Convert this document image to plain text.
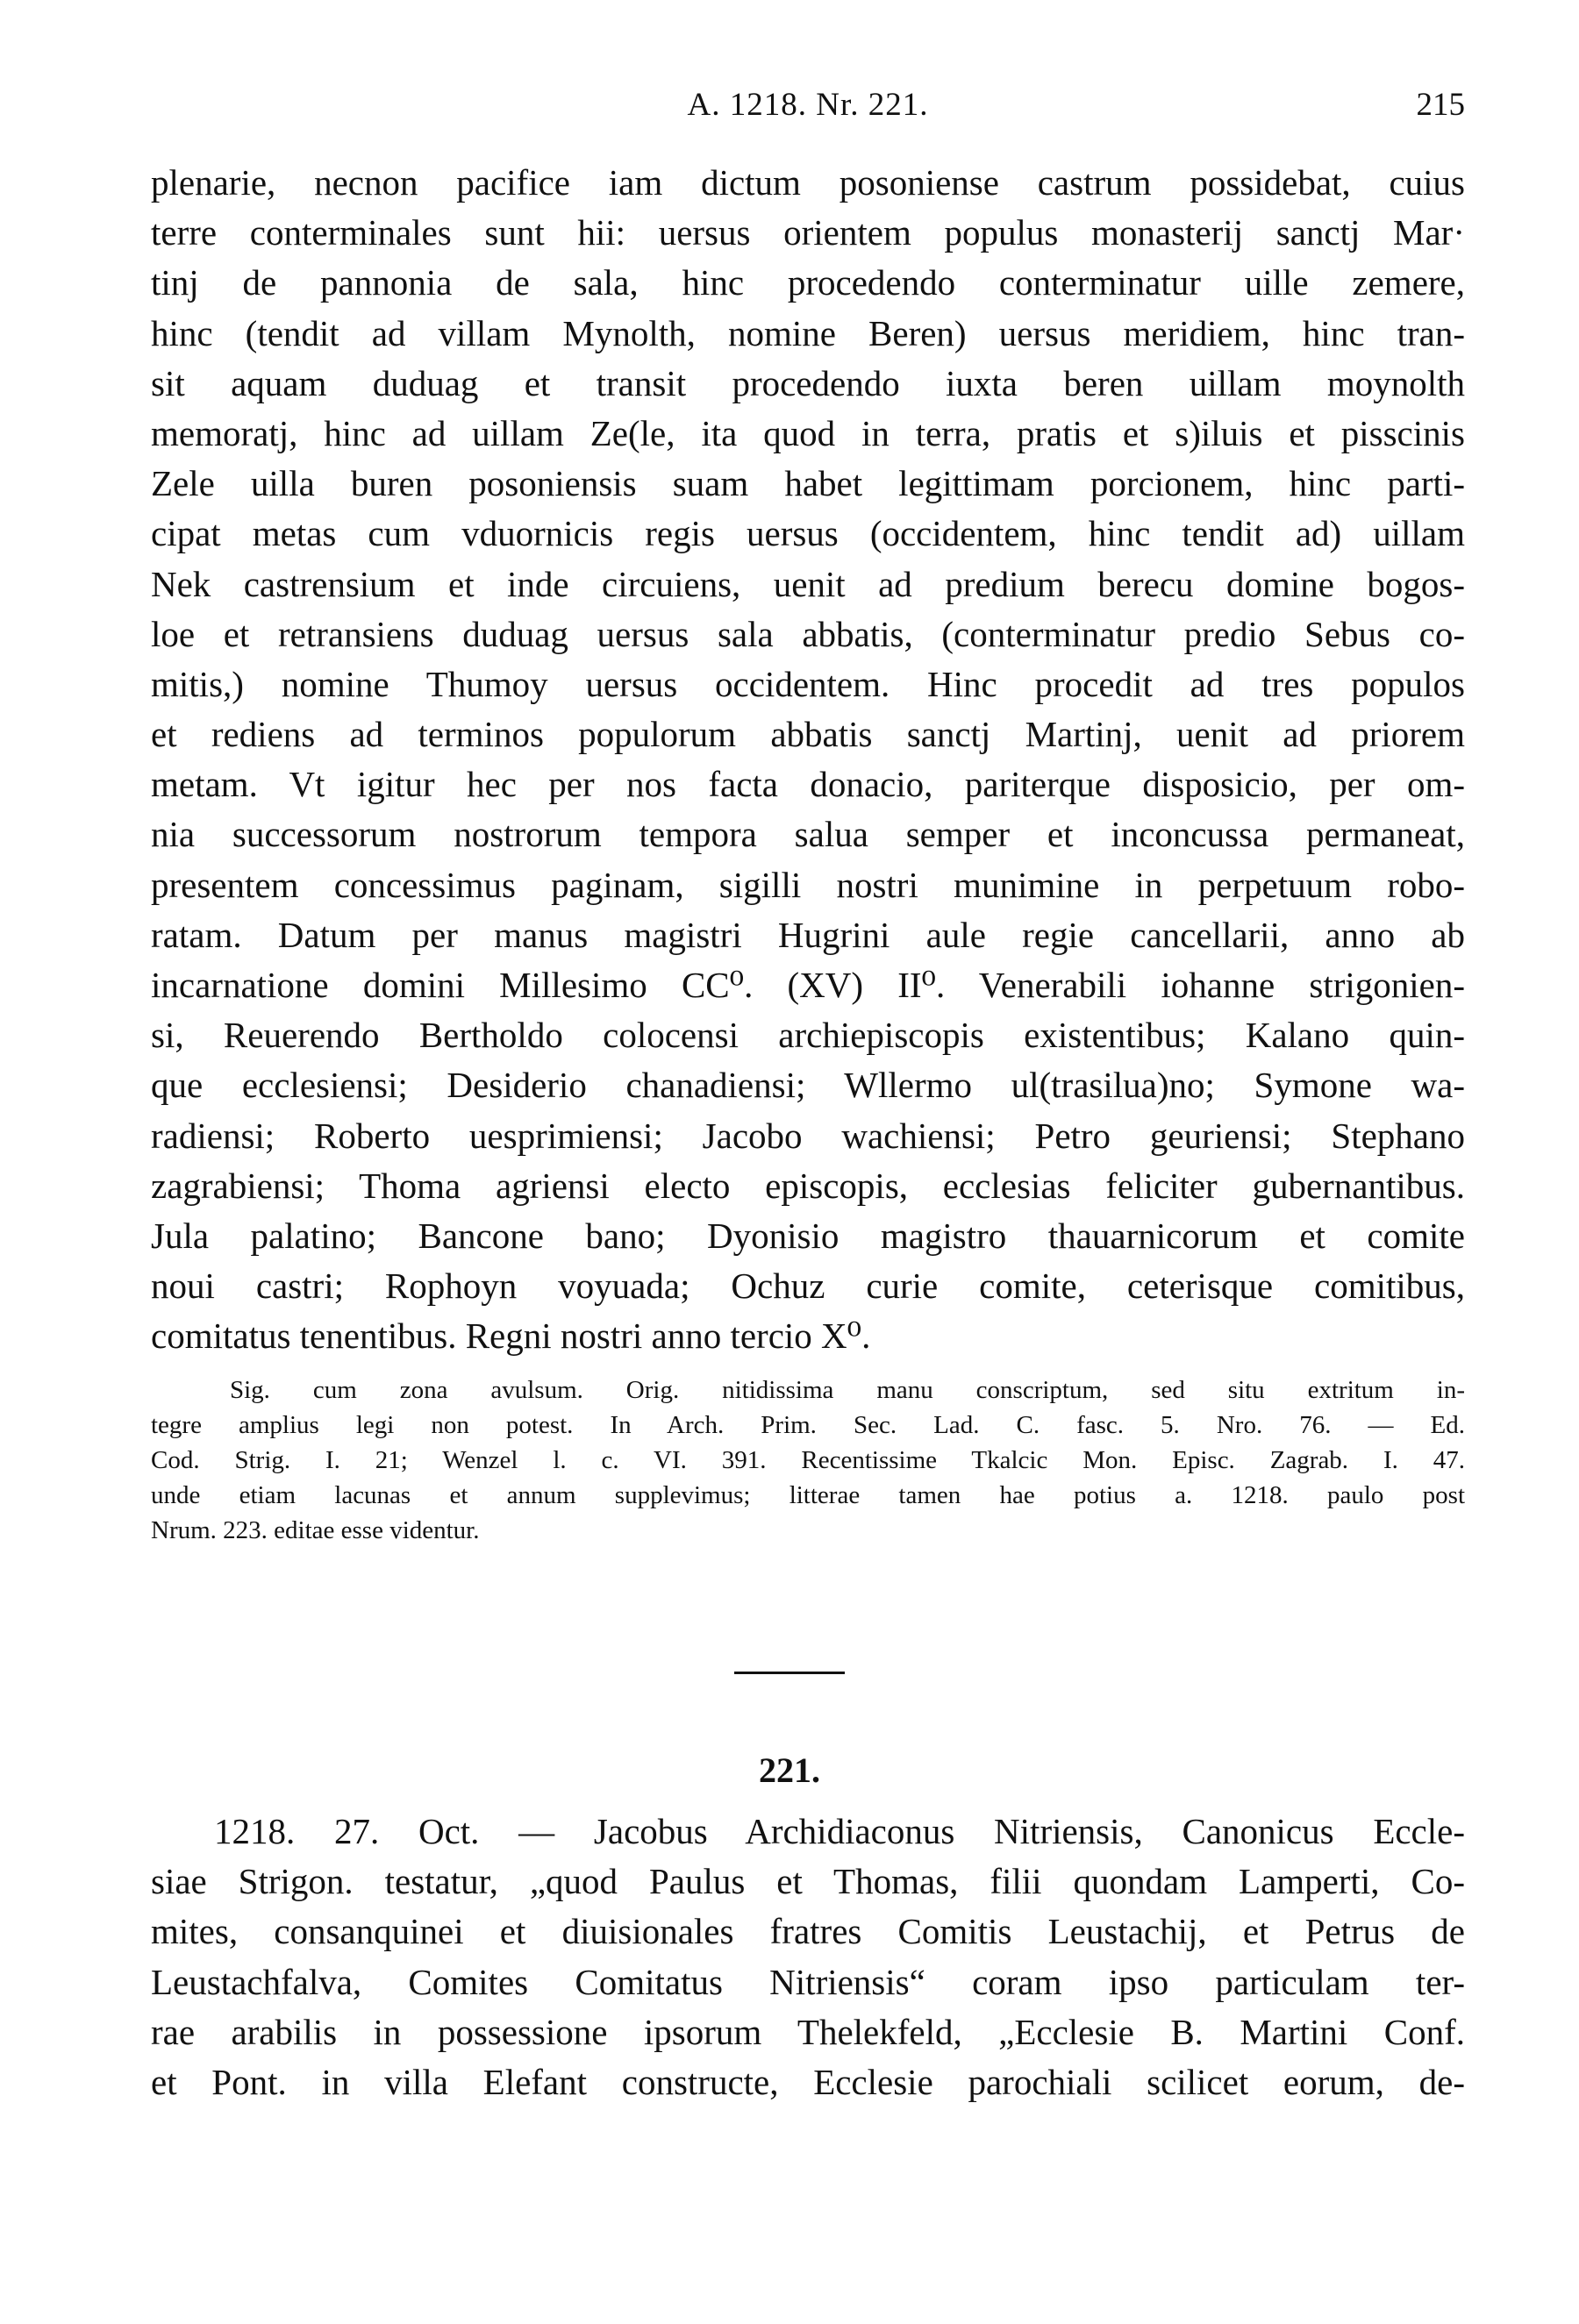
A. 1218. Nr. 221.	215
plenarie, necnon pacifice iam dictum posoniense castrum possidebat, cuius
terre conterminales sunt hii: uersus orientem populus monasterij sanctj Mar·
tinj de pannonia de sala, hinc procedendo conterminatur uille zemere,
hinc (tendit ad villam Mynolth, nomine Beren) uersus meridiem, hinc tran-
sit aquam duduag et transit procedendo iuxta beren uillam moynolth
memoratj, hinc ad uillam Ze(le, ita quod in terra, pratis et s)iluis et pisscinis
Zele uilla buren posoniensis suam habet legittimam porcionem, hinc parti-
cipat metas cum vduornicis regis uersus (occidentem, hinc tendit ad) uillam
Nek castrensium et inde circuiens, uenit ad predium berecu domine bogos-
loe et retransiens duduag uersus sala abbatis, (conterminatur predio Sebus co-
mitis,) nomine Thumoy uersus occidentem. Hinc procedit ad tres populos
et rediens ad terminos populorum abbatis sanctj Martinj, uenit ad priorem
metam. Vt igitur hec per nos facta donacio, pariterque disposicio, per om-
nia successorum nostrorum tempora salua semper et inconcussa permaneat,
presentem concessimus paginam, sigilli nostri munimine in perpetuum robo-
ratam. Datum per manus magistri Hugrini aule regie cancellarii, anno ab
incarnatione domini Millesimo CC⁰. (XV) II⁰. Venerabili iohanne strigonien-
si, Reuerendo Bertholdo colocensi archiepiscopis existentibus; Kalano quin-
que ecclesiensi; Desiderio chanadiensi; Wllermo ul(trasilua)no; Symone wa-
radiensi; Roberto uesprimiensi; Jacobo wachiensi; Petro geuriensi; Stephano
zagrabiensi; Thoma agriensi electo episcopis, ecclesias feliciter gubernantibus.
Jula palatino; Bancone bano; Dyonisio magistro thauarnicorum et comite
noui castri; Rophoyn voyuada; Ochuz curie comite, ceterisque comitibus,
comitatus tenentibus. Regni nostri anno tercio X⁰.
Sig. cum zona avulsum. Orig. nitidissima manu conscriptum, sed situ extritum in-
tegre amplius legi non potest. In Arch. Prim. Sec. Lad. C. fasc. 5. Nro. 76. — Ed.
Cod. Strig. I. 21; Wenzel l. c. VI. 391. Recentissime Tkalcic Mon. Episc. Zagrab. I. 47.
unde etiam lacunas et annum supplevimus; litterae tamen hae potius a. 1218. paulo post
Nrum. 223. editae esse videntur.
221.
1218. 27. Oct. — Jacobus Archidiaconus Nitriensis, Canonicus Eccle-
siae Strigon. testatur, „quod Paulus et Thomas, filii quondam Lamperti, Co-
mites, consanquinei et diuisionales fratres Comitis Leustachij, et Petrus de
Leustachfalva, Comites Comitatus Nitriensis“ coram ipso particulam ter-
rae arabilis in possessione ipsorum Thelekfeld, „Ecclesie B. Martini Conf.
et Pont. in villa Elefant constructe, Ecclesie parochiali scilicet eorum, de-
